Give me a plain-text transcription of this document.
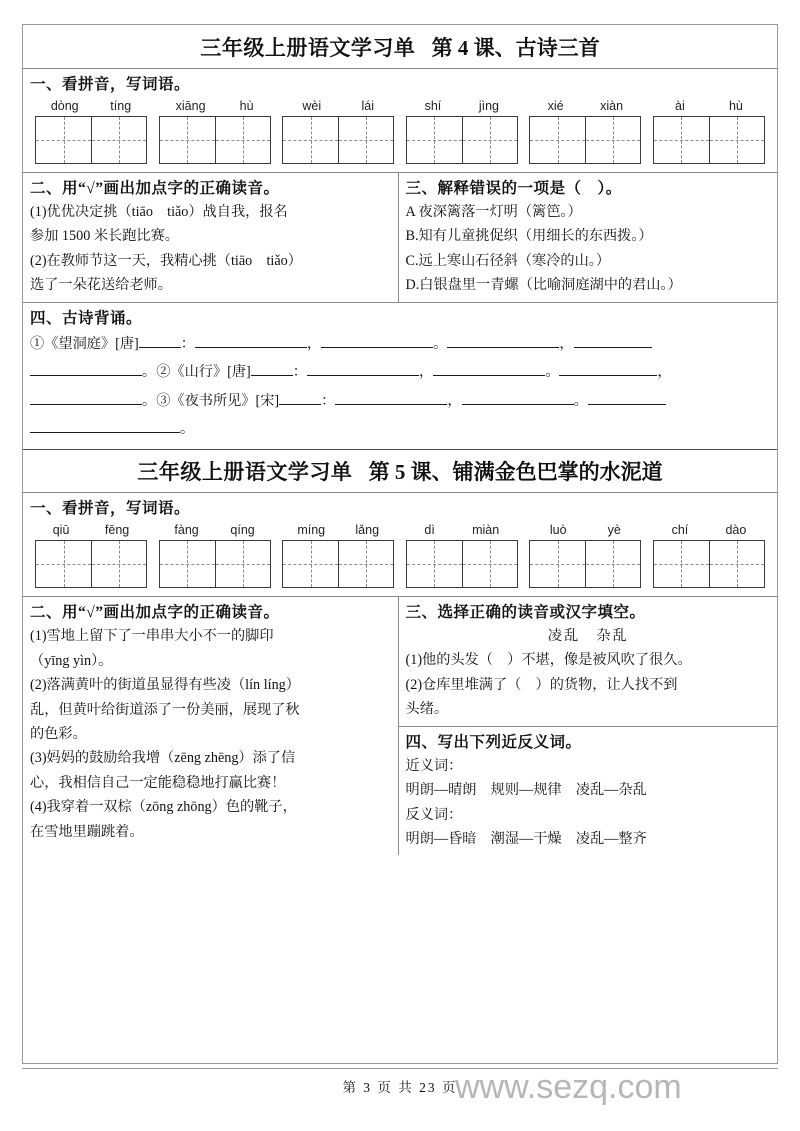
三年级上册语文学习单 第 4 课、古诗三首
一、看拼音，写词语。
dòng	tíng	xiāng	hù	wèi	lái	shí	jìng	xié	xiàn	ài	hù
二、用“√”画出加点字的正确读音。

(1)优优决定挑（tiāo　tiǎo）战自我，报名

参加 1500 米长跑比赛。

(2)在教师节这一天，我精心挑（tiāo　tiǎo）

选了一朵花送给老师。

三、解释错误的一项是（　）。

A 夜深篱落一灯明（篱笆。）

B.知有儿童挑促织（用细长的东西拨。）

C.远上寒山石径斜（寒冷的山。）

D.白银盘里一青螺（比喻洞庭湖中的君山。）

四、古诗背诵。

①《望洞庭》[唐]	：	，	。	，

。②《山行》[唐]	：	，	。	，

。③《夜书所见》[宋]	：	，	。

。

三年级上册语文学习单 第 5 课、铺满金色巴掌的水泥道
一、看拼音，写词语。
qiū	fēng	fàng	qíng	míng lǎng	dì	miàn	luò	yè	chí	dào
二、用“√”画出加点字的正确读音。

(1)雪地上留下了一串串大小不一的脚印

（yīng yìn）。

(2)落满黄叶的街道虽显得有些凌（lín líng）

乱，但黄叶给街道添了一份美丽，展现了秋

的色彩。

(3)妈妈的鼓励给我增（zēng zhēng）添了信

心，我相信自己一定能稳稳地打赢比赛！

(4)我穿着一双棕（zōng zhōng）色的靴子，

在雪地里蹦跳着。

三、选择正确的读音或汉字填空。

凌乱　杂乱

(1)他的头发（　）不堪，像是被风吹了很久。

(2)仓库里堆满了（　）的货物，让人找不到

头绪。

四、写出下列近反义词。

近义词：

明朗—晴朗　规则—规律　凌乱—杂乱

反义词：

明朗—昏暗　潮湿—干燥　凌乱—整齐

第 3 页 共 23 页
www.sezq.com
